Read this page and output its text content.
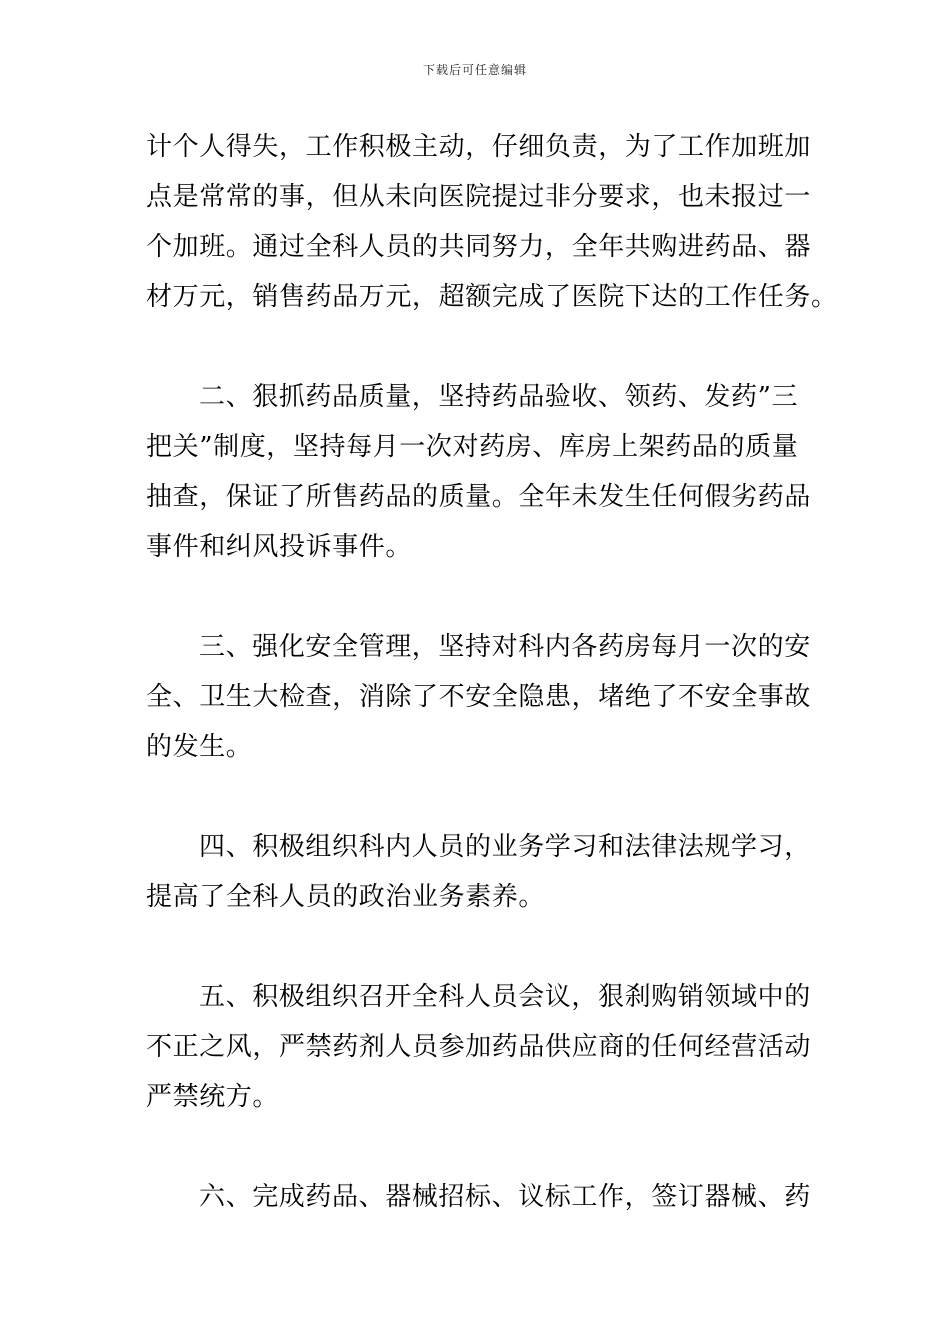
下载后可任意编辑
计个人得失，工作积极主动，仔细负责，为了工作加班加
点是常常的事，但从未向医院提过非分要求，也未报过一
个加班。通过全科人员的共同努力，全年共购进药品、器
材万元，销售药品万元，超额完成了医院下达的工作任务。
二、狠抓药品质量，坚持药品验收、领药、发药”三
把关”制度，坚持每月一次对药房、库房上架药品的质量
抽查，保证了所售药品的质量。全年未发生任何假劣药品
事件和纠风投诉事件。
三、强化安全管理，坚持对科内各药房每月一次的安
全、卫生大检查，消除了不安全隐患，堵绝了不安全事故
的发生。
四、积极组织科内人员的业务学习和法律法规学习，
提高了全科人员的政治业务素养。
五、积极组织召开全科人员会议，狠刹购销领域中的
不正之风，严禁药剂人员参加药品供应商的任何经营活动
严禁统方。
六、完成药品、器械招标、议标工作，签订器械、药
